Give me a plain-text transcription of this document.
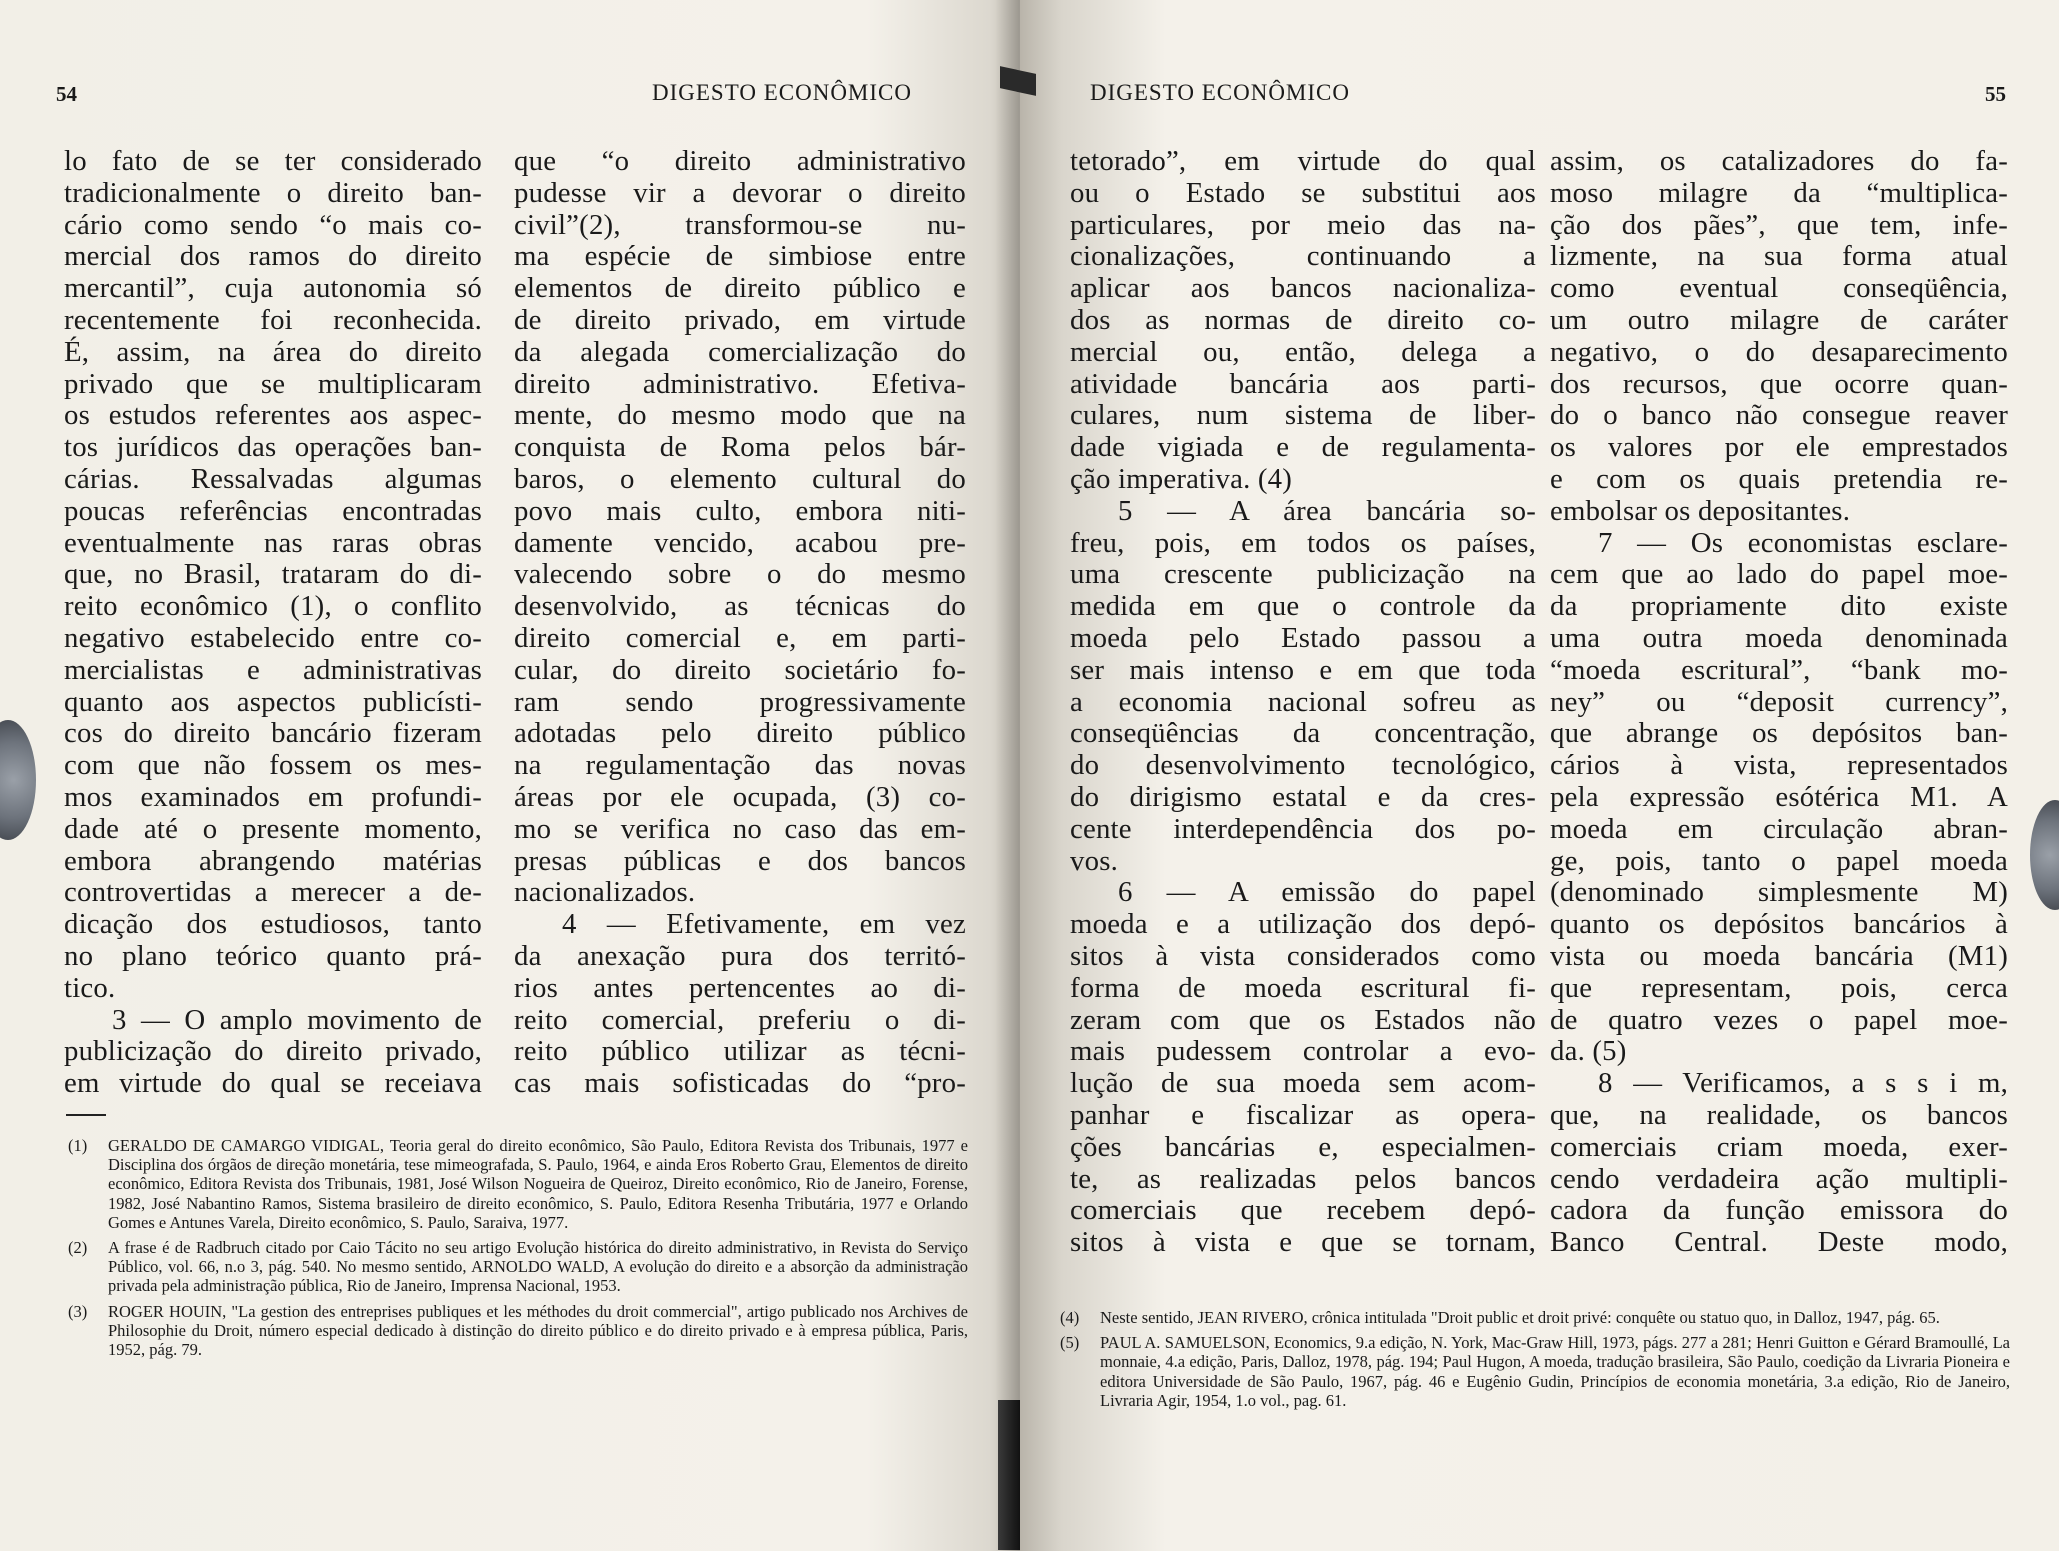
54	DIGESTO ECONÔMICO
lo fato de se ter considerado
tradicionalmente o direito ban-
cário como sendo “o mais co-
mercial dos ramos do direito
mercantil”, cuja autonomia só
recentemente foi reconhecida.
É, assim, na área do direito
privado que se multiplicaram
os estudos referentes aos aspec-
tos jurídicos das operações ban-
cárias. Ressalvadas algumas
poucas referências encontradas
eventualmente nas raras obras
que, no Brasil, trataram do di-
reito econômico (1), o conflito
negativo estabelecido entre co-
mercialistas e administrativas
quanto aos aspectos publicísti-
cos do direito bancário fizeram
com que não fossem os mes-
mos examinados em profundi-
dade até o presente momento,
embora abrangendo matérias
controvertidas a merecer a de-
dicação dos estudiosos, tanto
no plano teórico quanto prá-
tico.
3 — O amplo movimento de
publicização do direito privado,
em virtude do qual se receiava
que “o direito administrativo
pudesse vir a devorar o direito
civil”(2), transformou-se nu-
ma espécie de simbiose entre
elementos de direito público e
de direito privado, em virtude
da alegada comercialização do
direito administrativo. Efetiva-
mente, do mesmo modo que na
conquista de Roma pelos bár-
baros, o elemento cultural do
povo mais culto, embora niti-
damente vencido, acabou pre-
valecendo sobre o do mesmo
desenvolvido, as técnicas do
direito comercial e, em parti-
cular, do direito societário fo-
ram sendo progressivamente
adotadas pelo direito público
na regulamentação das novas
áreas por ele ocupada, (3) co-
mo se verifica no caso das em-
presas públicas e dos bancos
nacionalizados.
4 — Efetivamente, em vez
da anexação pura dos territó-
rios antes pertencentes ao di-
reito comercial, preferiu o di-
reito público utilizar as técni-
cas mais sofisticadas do “pro-
(1) GERALDO DE CAMARGO VIDIGAL, Teoria geral do direito econômico, São Paulo, Editora Revista dos Tribunais, 1977 e Disciplina dos órgãos de direção monetária, tese mimeografada, S. Paulo, 1964, e ainda Eros Roberto Grau, Elementos de direito econômico, Editora Revista dos Tribunais, 1981, José Wilson Nogueira de Queiroz, Direito econômico, Rio de Janeiro, Forense, 1982, José Nabantino Ramos, Sistema brasileiro de direito econômico, S. Paulo, Editora Resenha Tributária, 1977 e Orlando Gomes e Antunes Varela, Direito econômico, S. Paulo, Saraiva, 1977.
(2) A frase é de Radbruch citado por Caio Tácito no seu artigo Evolução histórica do direito administrativo, in Revista do Serviço Público, vol. 66, n.o 3, pág. 540. No mesmo sentido, ARNOLDO WALD, A evolução do direito e a absorção da administração privada pela administração pública, Rio de Janeiro, Imprensa Nacional, 1953.
(3) ROGER HOUIN, "La gestion des entreprises publiques et les méthodes du droit commercial", artigo publicado nos Archives de Philosophie du Droit, número especial dedicado à distinção do direito público e do direito privado e à empresa pública, Paris, 1952, pág. 79.
DIGESTO ECONÔMICO	55
tetorado”, em virtude do qual
ou o Estado se substitui aos
particulares, por meio das na-
cionalizações, continuando a
aplicar aos bancos nacionaliza-
dos as normas de direito co-
mercial ou, então, delega a
atividade bancária aos parti-
culares, num sistema de liber-
dade vigiada e de regulamenta-
ção imperativa. (4)
5 — A área bancária so-
freu, pois, em todos os países,
uma crescente publicização na
medida em que o controle da
moeda pelo Estado passou a
ser mais intenso e em que toda
a economia nacional sofreu as
conseqüências da concentração,
do desenvolvimento tecnológico,
do dirigismo estatal e da cres-
cente interdependência dos po-
vos.
6 — A emissão do papel
moeda e a utilização dos depó-
sitos à vista considerados como
forma de moeda escritural fi-
zeram com que os Estados não
mais pudessem controlar a evo-
lução de sua moeda sem acom-
panhar e fiscalizar as opera-
ções bancárias e, especialmen-
te, as realizadas pelos bancos
comerciais que recebem depó-
sitos à vista e que se tornam,
assim, os catalizadores do fa-
moso milagre da “multiplica-
ção dos pães”, que tem, infe-
lizmente, na sua forma atual
como eventual conseqüência,
um outro milagre de caráter
negativo, o do desaparecimento
dos recursos, que ocorre quan-
do o banco não consegue reaver
os valores por ele emprestados
e com os quais pretendia re-
embolsar os depositantes.
7 — Os economistas esclare-
cem que ao lado do papel moe-
da propriamente dito existe
uma outra moeda denominada
“moeda escritural”, “bank mo-
ney” ou “deposit currency”,
que abrange os depósitos ban-
cários à vista, representados
pela expressão esótérica M1. A
moeda em circulação abran-
ge, pois, tanto o papel moeda
(denominado simplesmente M)
quanto os depósitos bancários à
vista ou moeda bancária (M1)
que representam, pois, cerca
de quatro vezes o papel moe-
da. (5)
8 — Verificamos, a s s i m,
que, na realidade, os bancos
comerciais criam moeda, exer-
cendo verdadeira ação multipli-
cadora da função emissora do
Banco Central. Deste modo,
(4) Neste sentido, JEAN RIVERO, crônica intitulada "Droit public et droit privé: conquête ou statuo quo, in Dalloz, 1947, pág. 65.
(5) PAUL A. SAMUELSON, Economics, 9.a edição, N. York, Mac-Graw Hill, 1973, págs. 277 a 281; Henri Guitton e Gérard Bramoullé, La monnaie, 4.a edição, Paris, Dalloz, 1978, pág. 194; Paul Hugon, A moeda, tradução brasileira, São Paulo, coedição da Livraria Pioneira e editora Universidade de São Paulo, 1967, pág. 46 e Eugênio Gudin, Princípios de economia monetária, 3.a edição, Rio de Janeiro, Livraria Agir, 1954, 1.o vol., pag. 61.
